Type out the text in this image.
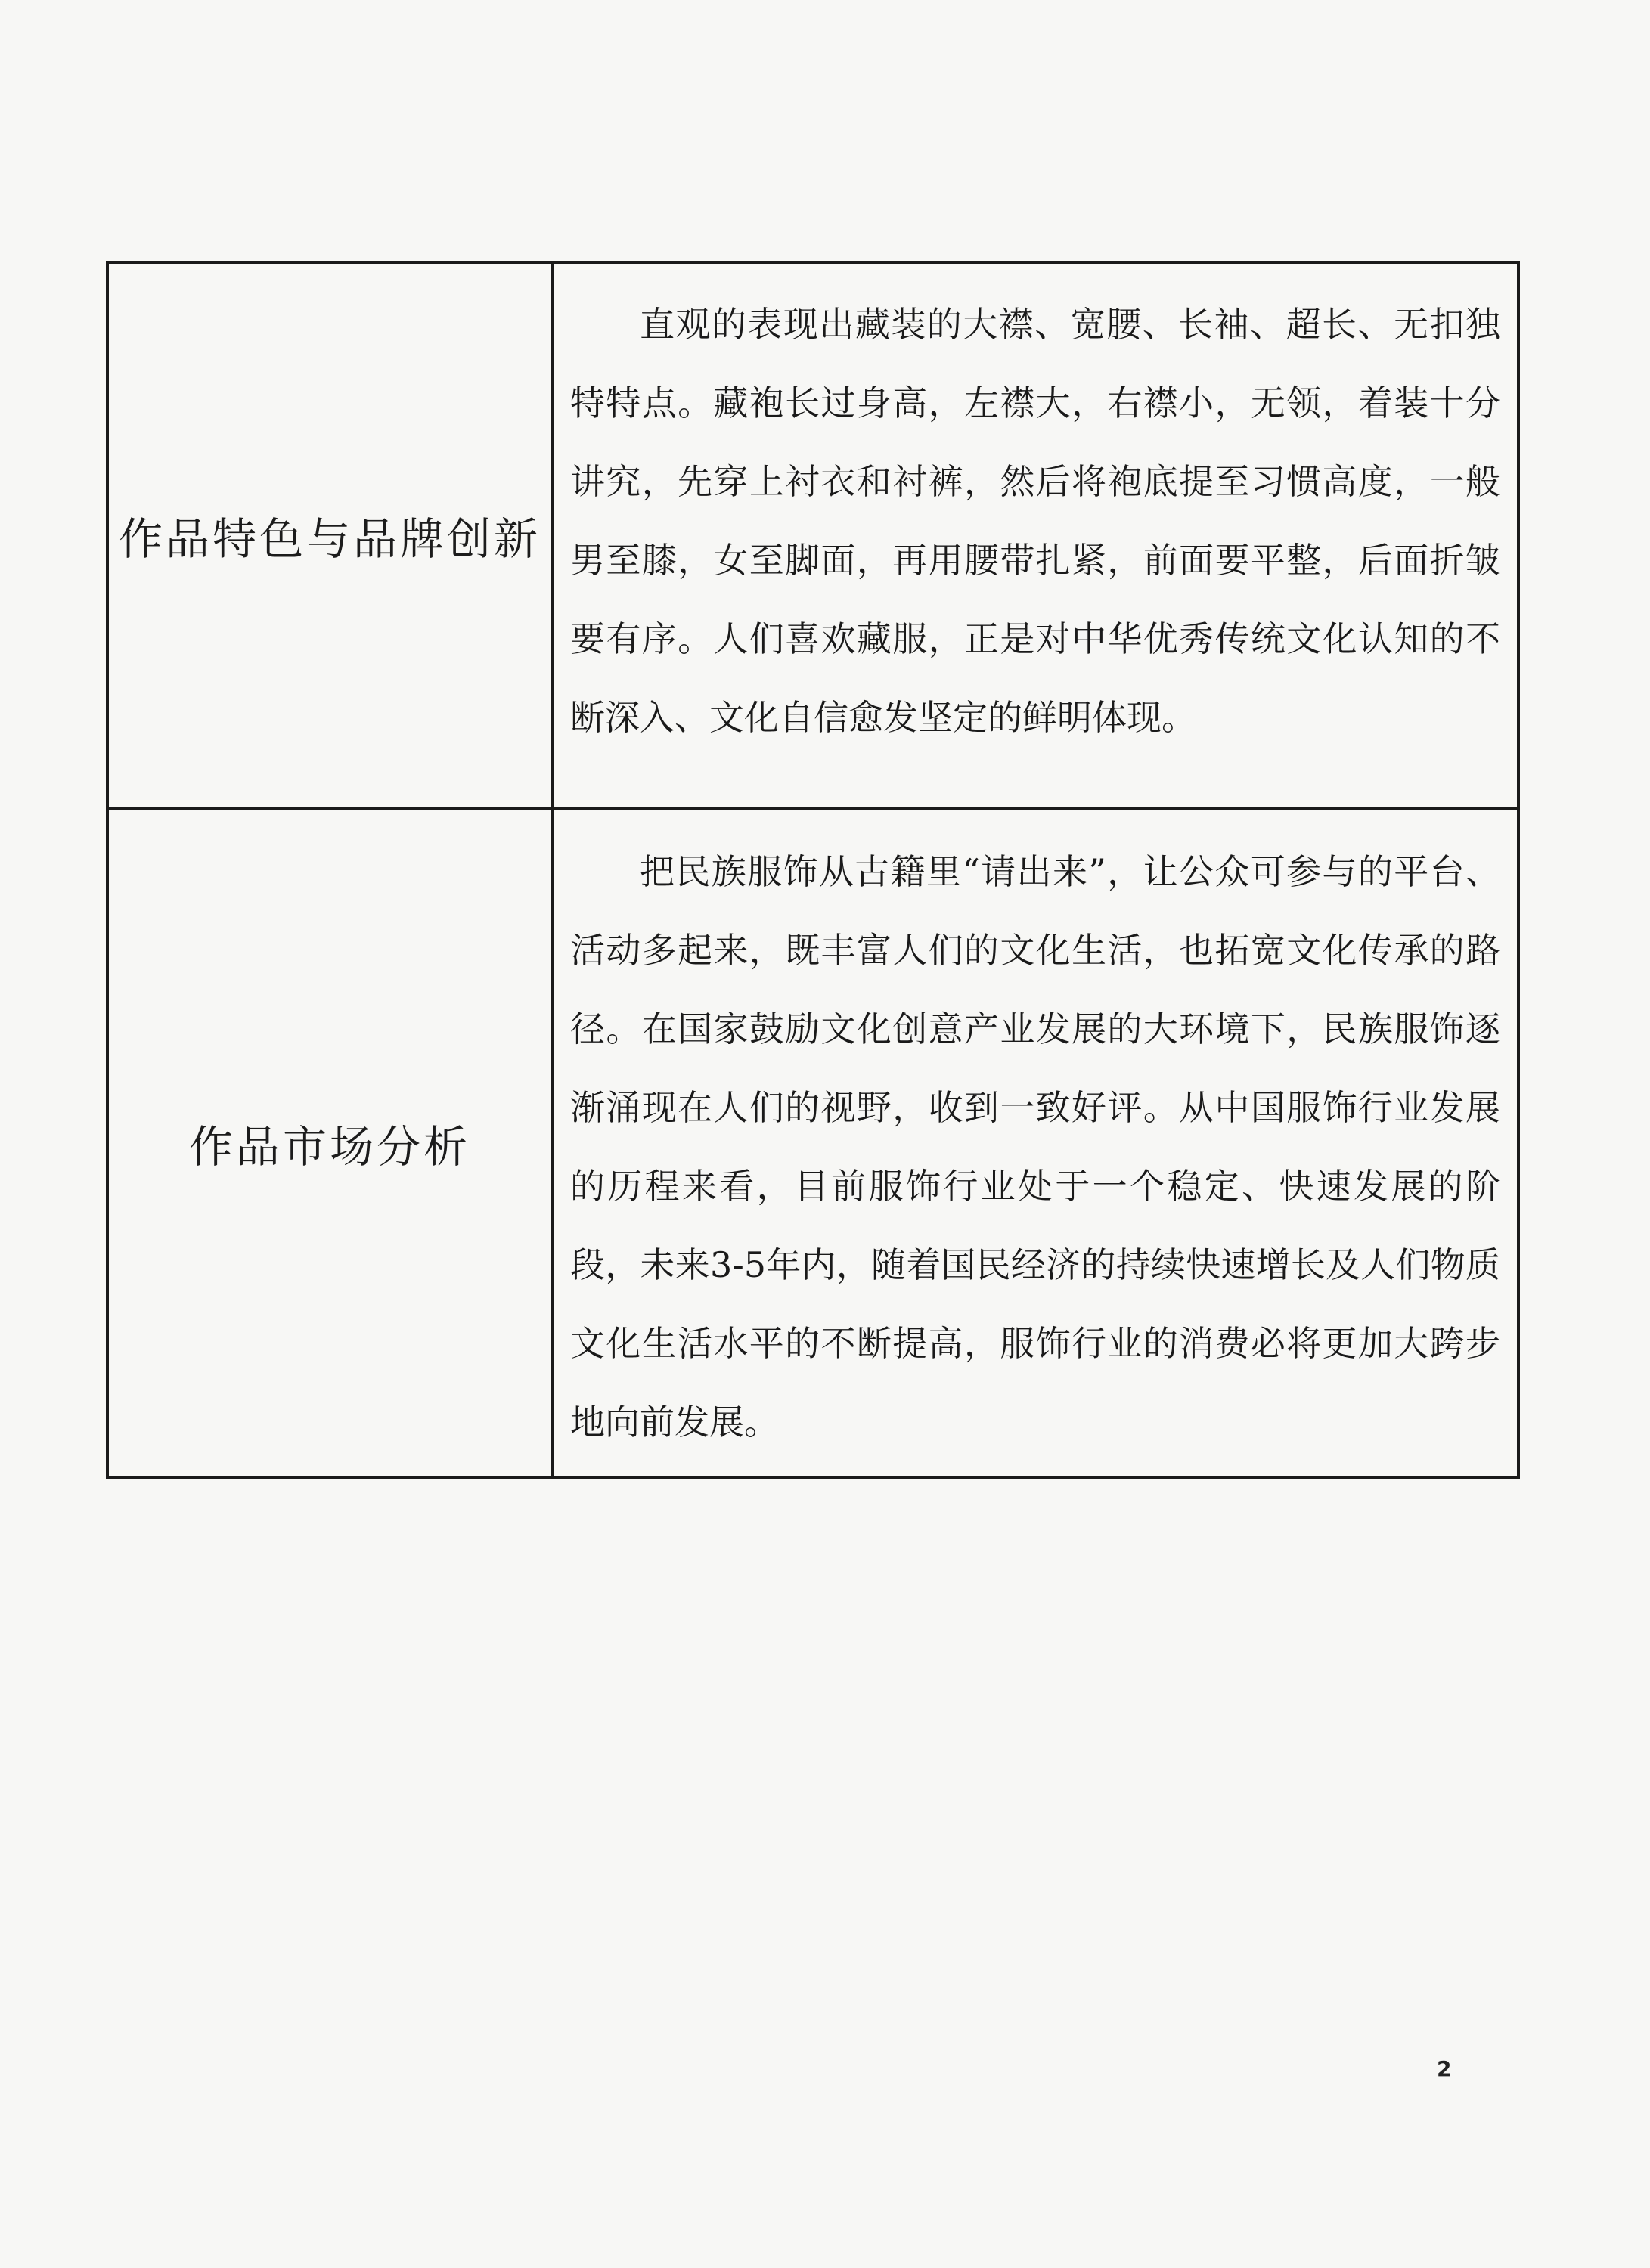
作品特色与品牌创新
直观的表现出藏装的大襟、宽腰、长袖、超长、无扣独特特点。藏袍长过身高，左襟大，右襟小，无领，着装十分讲究，先穿上衬衣和衬裤，然后将袍底提至习惯高度，一般男至膝，女至脚面，再用腰带扎紧，前面要平整，后面折皱要有序。人们喜欢藏服，正是对中华优秀传统文化认知的不断深入、文化自信愈发坚定的鲜明体现。
作品市场分析
把民族服饰从古籍里“请出来”，让公众可参与的平台、活动多起来，既丰富人们的文化生活，也拓宽文化传承的路径。在国家鼓励文化创意产业发展的大环境下，民族服饰逐渐涌现在人们的视野，收到一致好评。从中国服饰行业发展的历程来看，目前服饰行业处于一个稳定、快速发展的阶段，未来3-5年内，随着国民经济的持续快速增长及人们物质文化生活水平的不断提高，服饰行业的消费必将更加大跨步地向前发展。
2
